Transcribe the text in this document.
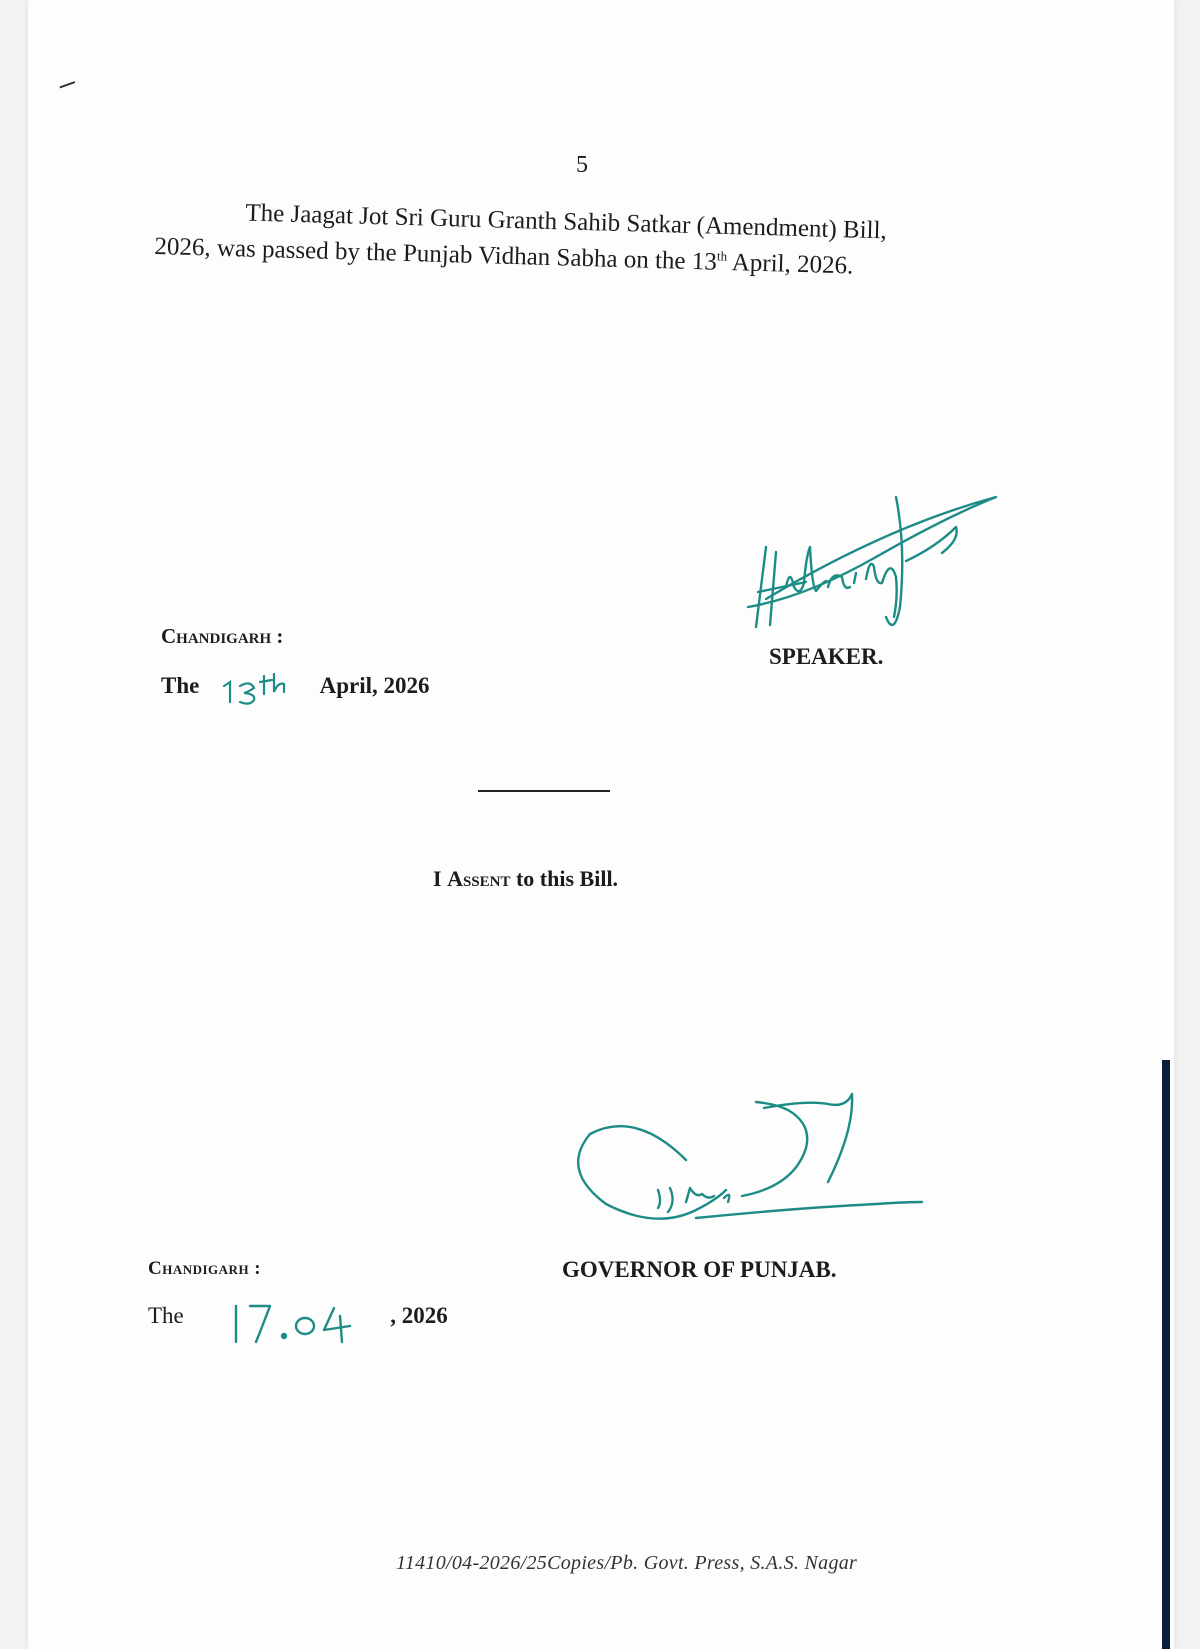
5
The Jaagat Jot Sri Guru Granth Sahib Satkar (Amendment) Bill,
2026, was passed by the Punjab Vidhan Sabha on the 13th April, 2026.
Chandigarh :
The	April, 2026
SPEAKER.
I Assent to this Bill.
Chandigarh :	GOVERNOR OF PUNJAB.
The	, 2026
11410/04-2026/25Copies/Pb. Govt. Press, S.A.S. Nagar
